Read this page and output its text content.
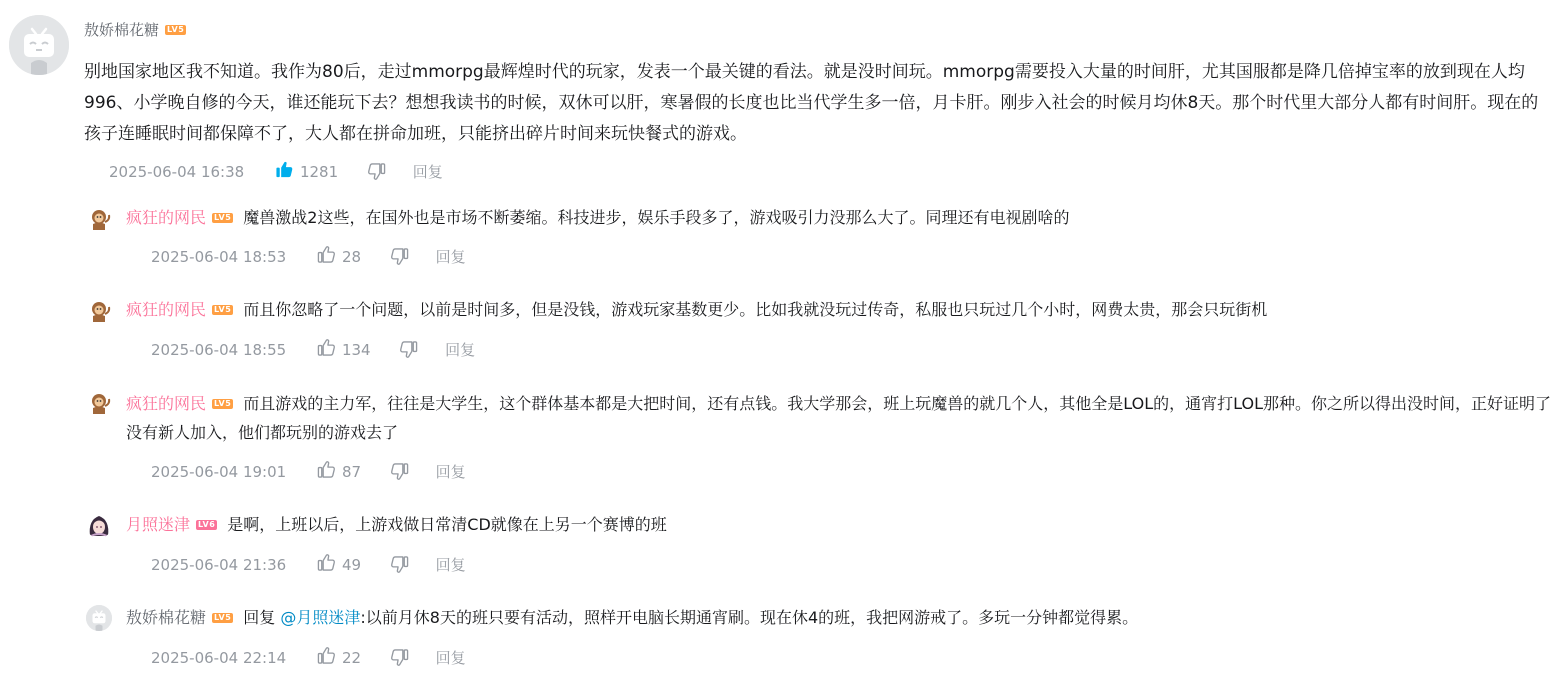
敖娇棉花糖 LV5

别地国家地区我不知道。我作为80后，走过mmorpg最辉煌时代的玩家，发表一个最关键的看法。就是没时间玩。mmorpg需要投入大量的时间肝，尤其国服都是降几倍掉宝率的放到现在人均996、小学晚自修的今天，谁还能玩下去？想想我读书的时候，双休可以肝，寒暑假的长度也比当代学生多一倍，月卡肝。刚步入社会的时候月均休8天。那个时代里大部分人都有时间肝。现在的孩子连睡眠时间都保障不了，大人都在拼命加班，只能挤出碎片时间来玩快餐式的游戏。

2025-06-04 16:38	1281	回复
疯狂的网民 LV5 魔兽激战2这些，在国外也是市场不断萎缩。科技进步，娱乐手段多了，游戏吸引力没那么大了。同理还有电视剧啥的
2025-06-04 18:53	28	回复
疯狂的网民 LV5 而且你忽略了一个问题，以前是时间多，但是没钱，游戏玩家基数更少。比如我就没玩过传奇，私服也只玩过几个小时，网费太贵，那会只玩街机
2025-06-04 18:55	134	回复
疯狂的网民 LV5 而且游戏的主力军，往往是大学生，这个群体基本都是大把时间，还有点钱。我大学那会，班上玩魔兽的就几个人，其他全是LOL的，通宵打LOL那种。你之所以得出没时间，正好证明了没有新人加入，他们都玩别的游戏去了
2025-06-04 19:01	87	回复
月照迷津 LV6 是啊，上班以后，上游戏做日常清CD就像在上另一个赛博的班
2025-06-04 21:36	49	回复
敖娇棉花糖 LV5 回复 @月照迷津:以前月休8天的班只要有活动，照样开电脑长期通宵刷。现在休4的班，我把网游戒了。多玩一分钟都觉得累。
2025-06-04 22:14	22	回复
